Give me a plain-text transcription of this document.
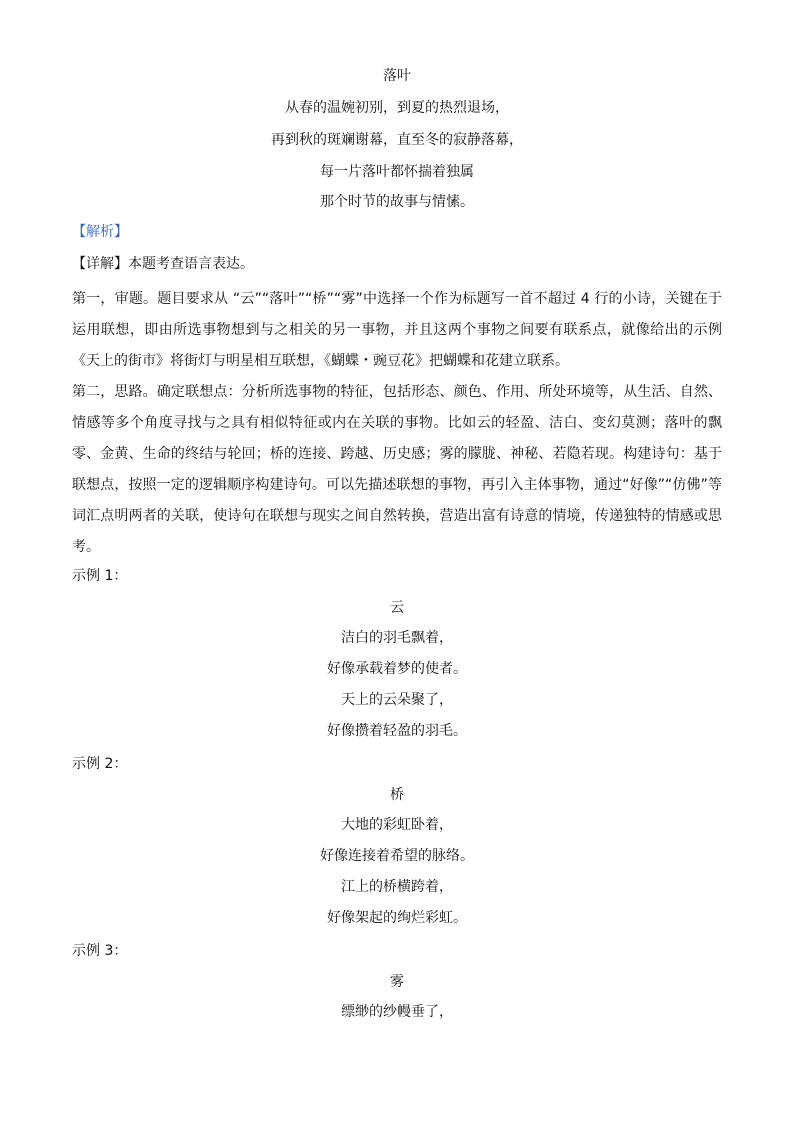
落叶
从春的温婉初别，到夏的热烈退场，
再到秋的斑斓谢幕，直至冬的寂静落幕，
每一片落叶都怀揣着独属
那个时节的故事与情愫。
【解析】
【详解】本题考查语言表达。
第一，审题。题目要求从 “云”“落叶”“桥”“雾”中选择一个作为标题写一首不超过 4 行的小诗，关键在于运用联想，即由所选事物想到与之相关的另一事物，并且这两个事物之间要有联系点，就像给出的示例《天上的街市》将街灯与明星相互联想，《蝴蝶・豌豆花》把蝴蝶和花建立联系。
第二，思路。确定联想点：分析所选事物的特征，包括形态、颜色、作用、所处环境等，从生活、自然、情感等多个角度寻找与之具有相似特征或内在关联的事物。比如云的轻盈、洁白、变幻莫测；落叶的飘零、金黄、生命的终结与轮回；桥的连接、跨越、历史感；雾的朦胧、神秘、若隐若现。构建诗句：基于联想点，按照一定的逻辑顺序构建诗句。可以先描述联想的事物，再引入主体事物，通过“好像”“仿佛”等词汇点明两者的关联，使诗句在联想与现实之间自然转换，营造出富有诗意的情境，传递独特的情感或思考。
示例 1：
云
洁白的羽毛飘着，
好像承载着梦的使者。
天上的云朵聚了，
好像攒着轻盈的羽毛。
示例 2：
桥
大地的彩虹卧着，
好像连接着希望的脉络。
江上的桥横跨着，
好像架起的绚烂彩虹。
示例 3：
雾
缥缈的纱幔垂了，
